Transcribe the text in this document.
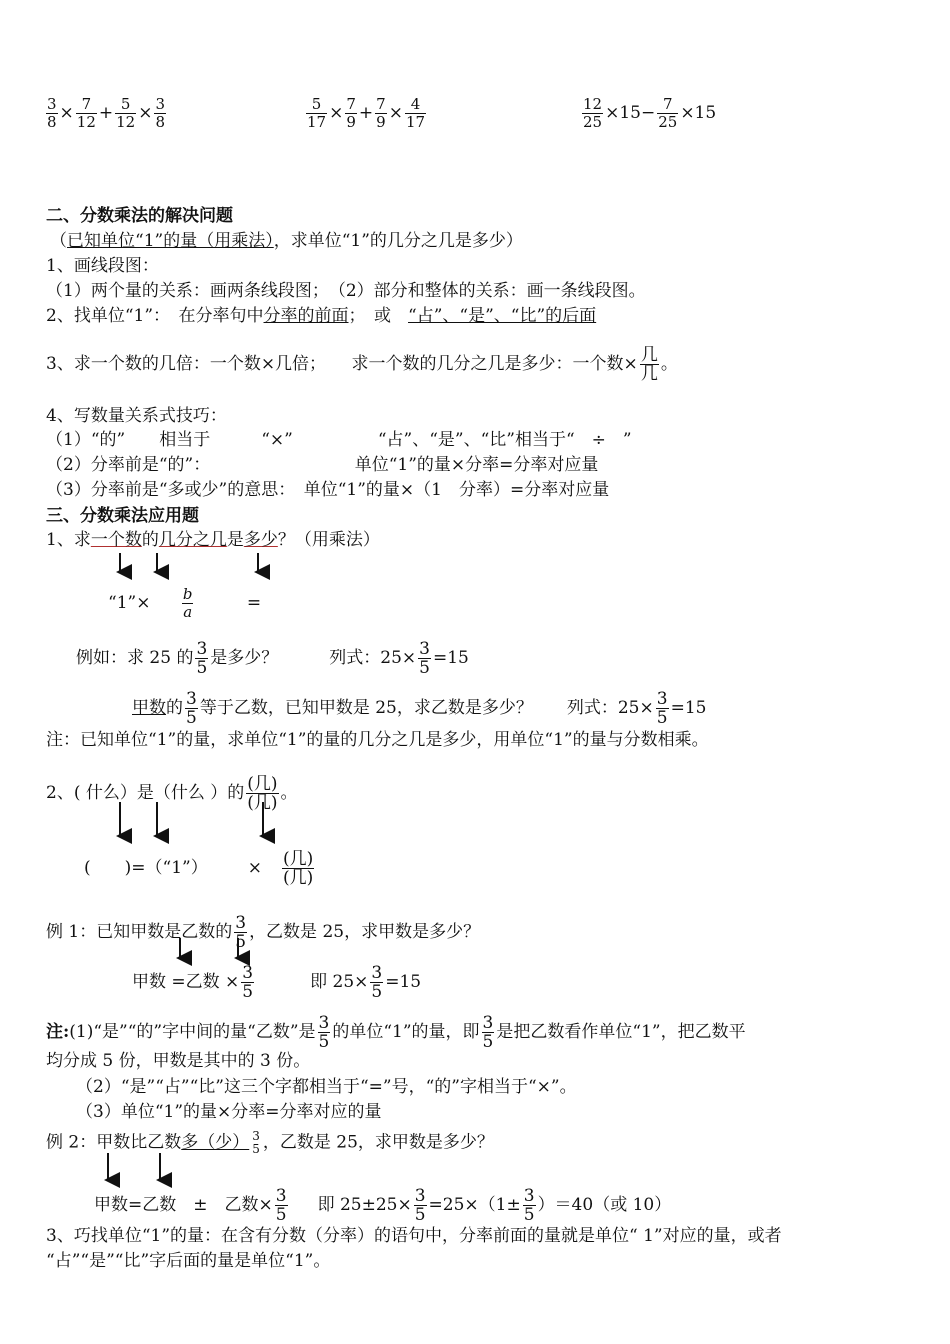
$\frac{3}{8} \times \frac{7}{12} + \frac{5}{12} \times \frac{3}{8}$	$\frac{5}{17} \times \frac{7}{9} + \frac{7}{9} \times \frac{4}{17}$	$\frac{12}{25} \times 15- \frac{7}{25} \times 15$
二、分数乘法的解决问题
（已知单位“1”的量（用乘法），求单位“1”的几分之几是多少）
1、画线段图：
（1）两个量的关系：画两条线段图；　（2）部分和整体的关系：画一条线段图。
2、找单位“1”：　在分率句中分率的前面；　或　“占”、“是”、“比”的后面
3、求一个数的几倍：一个数×几倍；　　求一个数的几分之几是多少：一个数× 几
几 。
4、写数量关系式技巧：
（1）“的”　　相当于　　　“×”　　　　　“占”、“是”、“比”相当于“　÷　”
（2）分率前是“的”：　　　　　　　　　单位“1”的量×分率=分率对应量
（3）分率前是“多或少”的意思：　单位“1”的量×（1　分率）=分率对应量
三、分数乘法应用题
1、求一个数的几分之几是多少？（用乘法）
“1”× $\frac{b}{a}$	=
例如：求 25 的 $\frac{3}{5}$ 是多少？　　　列式：$25\times \frac{3}{5} =15$
甲数的 $\frac{3}{5}$ 等于乙数，已知甲数是 25，求乙数是多少？　　列式：$25\times \frac{3}{5} =15$
注：已知单位“1”的量，求单位“1”的量的几分之几是多少，用单位“1”的量与分数相乘。
2、( 什么）是（什么 ）的 (几)
(几) 。
(　　)=（“1”） × (几)
(几)
例 1：已知甲数是乙数的 $\frac{3}{5}$ ，乙数是 25，求甲数是多少？
甲数 =乙数 × $\frac{3}{5}$	即 $25\times \frac{3}{5} =15$
注:(1)“是”“的”字中间的量“乙数”是 $\frac{3}{5}$ 的单位“1”的量，即 $\frac{3}{5}$ 是把乙数看作单位“1”，把乙数平
均分成 5 份，甲数是其中的 3 份。
（2）“是”“占”“比”这三个字都相当于“=”号，“的”字相当于“×”。
（3）单位“1”的量×分率=分率对应的量
例 2：甲数比乙数多（少） 3
5 ，乙数是 25，求甲数是多少？
甲数=乙数　±　乙数× $\frac{3}{5}$ 即 $25\pm 25\times \frac{3}{5} =25\times(1\pm \frac{3}{5} )=40$（或 10）
3、巧找单位“1”的量：在含有分数（分率）的语句中，分率前面的量就是单位“ 1”对应的量，或者
“占”“是”“比”字后面的量是单位“1”。
